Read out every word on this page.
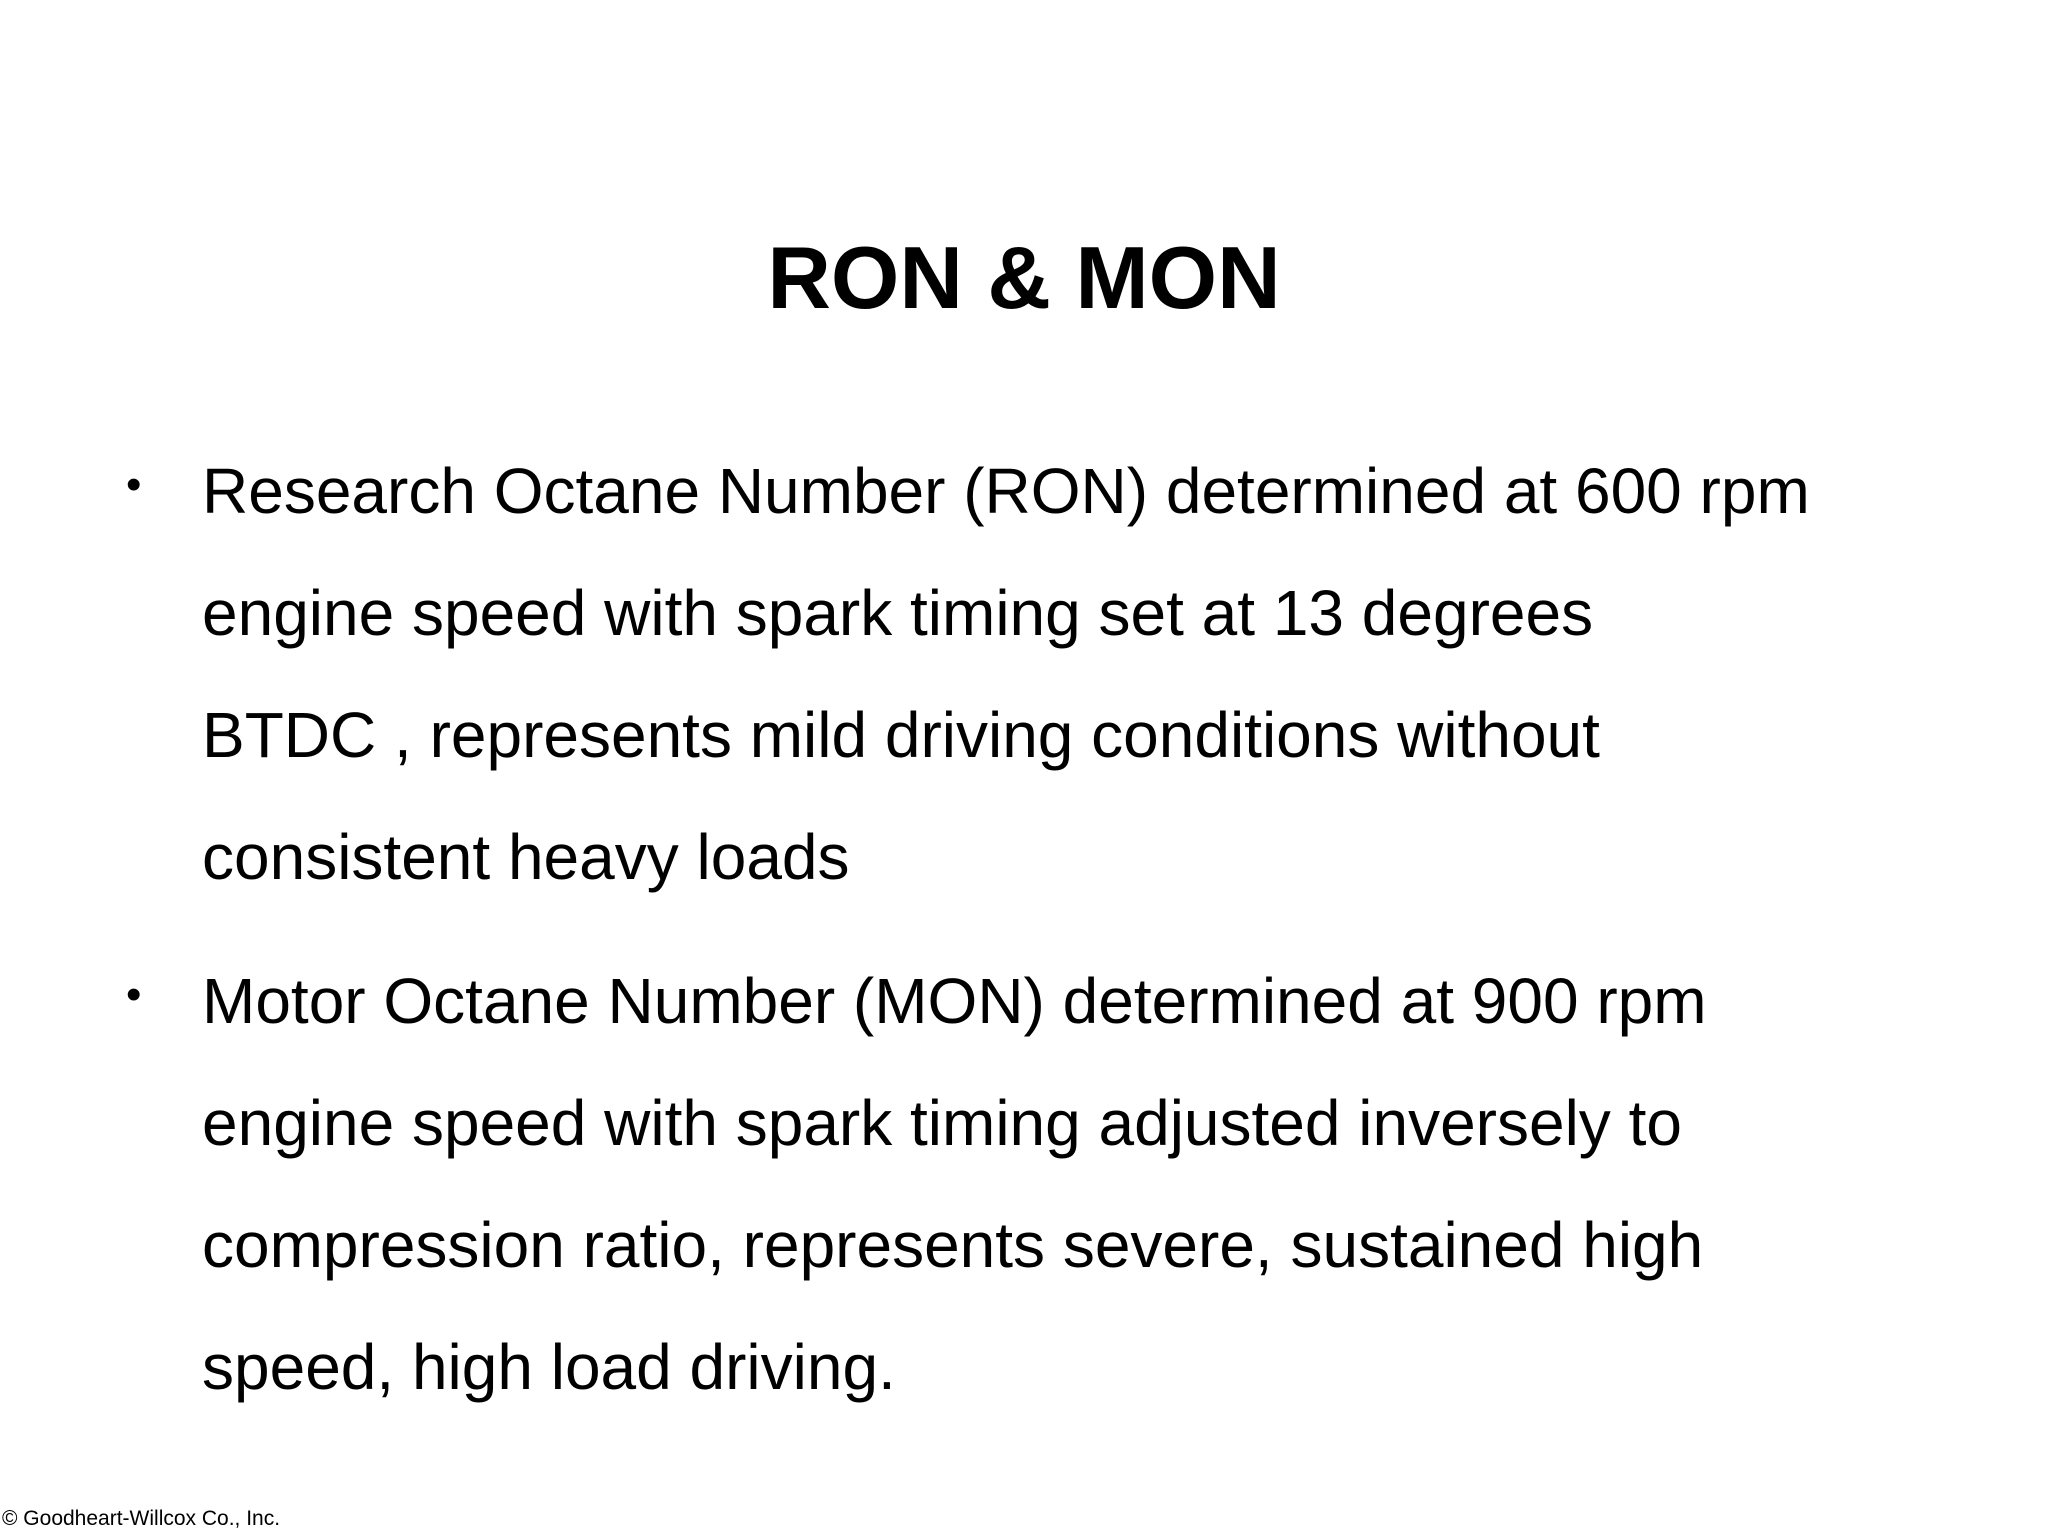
RON & MON
• Research Octane Number (RON) determined at 600 rpm
engine speed with spark timing set at 13 degrees
BTDC , represents mild driving conditions without
consistent heavy loads
• Motor Octane Number (MON) determined at 900 rpm
engine speed with spark timing adjusted inversely to
compression ratio, represents severe, sustained high
speed, high load driving.
© Goodheart-Willcox Co., Inc.
